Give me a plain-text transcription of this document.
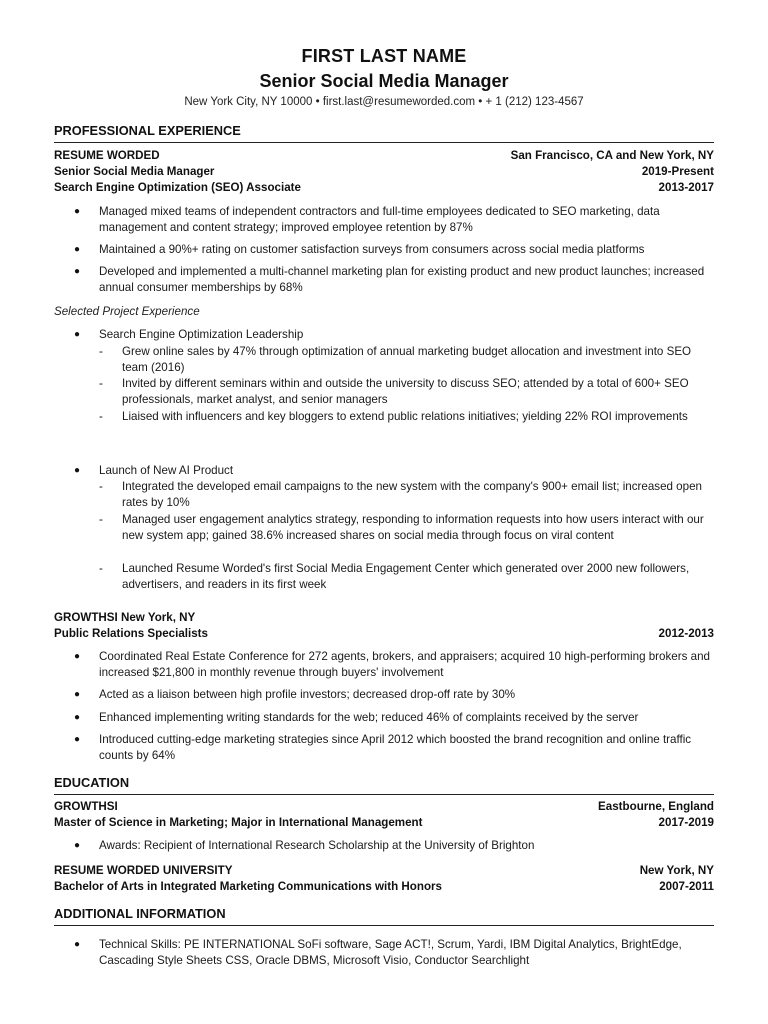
FIRST LAST NAME
Senior Social Media Manager
New York City, NY 10000 • first.last@resumeworded.com • + 1 (212) 123-4567
PROFESSIONAL EXPERIENCE
RESUME WORDED	San Francisco, CA and New York, NY
Senior Social Media Manager	2019-Present
Search Engine Optimization (SEO) Associate	2013-2017
●	Managed mixed teams of independent contractors and full-time employees dedicated to SEO marketing, data management and content strategy; improved employee retention by 87%
●	Maintained a 90%+ rating on customer satisfaction surveys from consumers across social media platforms
●	Developed and implemented a multi-channel marketing plan for existing product and new product launches; increased annual consumer memberships by 68%
Selected Project Experience
●	Search Engine Optimization Leadership
-	Grew online sales by 47% through optimization of annual marketing budget allocation and investment into SEO team (2016)
-	Invited by different seminars within and outside the university to discuss SEO; attended by a total of 600+ SEO professionals, market analyst, and senior managers
-	Liaised with influencers and key bloggers to extend public relations initiatives; yielding 22% ROI improvements
●	Launch of New AI Product
-	Integrated the developed email campaigns to the new system with the company's 900+ email list; increased open rates by 10%
-	Managed user engagement analytics strategy, responding to information requests into how users interact with our new system app; gained 38.6% increased shares on social media through focus on viral content
-	Launched Resume Worded's first Social Media Engagement Center which generated over 2000 new followers, advertisers, and readers in its first week
GROWTHSI New York, NY
Public Relations Specialists	2012-2013
●	Coordinated Real Estate Conference for 272 agents, brokers, and appraisers; acquired 10 high-performing brokers and increased $21,800 in monthly revenue through buyers' involvement
●	Acted as a liaison between high profile investors; decreased drop-off rate by 30%
●	Enhanced implementing writing standards for the web; reduced 46% of complaints received by the server
●	Introduced cutting-edge marketing strategies since April 2012 which boosted the brand recognition and online traffic counts by 64%
EDUCATION
GROWTHSI	Eastbourne, England
Master of Science in Marketing; Major in International Management	2017-2019
●	Awards: Recipient of International Research Scholarship at the University of Brighton
RESUME WORDED UNIVERSITY	New York, NY
Bachelor of Arts in Integrated Marketing Communications with Honors	2007-2011
ADDITIONAL INFORMATION
●	Technical Skills: PE INTERNATIONAL SoFi software, Sage ACT!, Scrum, Yardi, IBM Digital Analytics, BrightEdge, Cascading Style Sheets CSS, Oracle DBMS, Microsoft Visio, Conductor Searchlight
